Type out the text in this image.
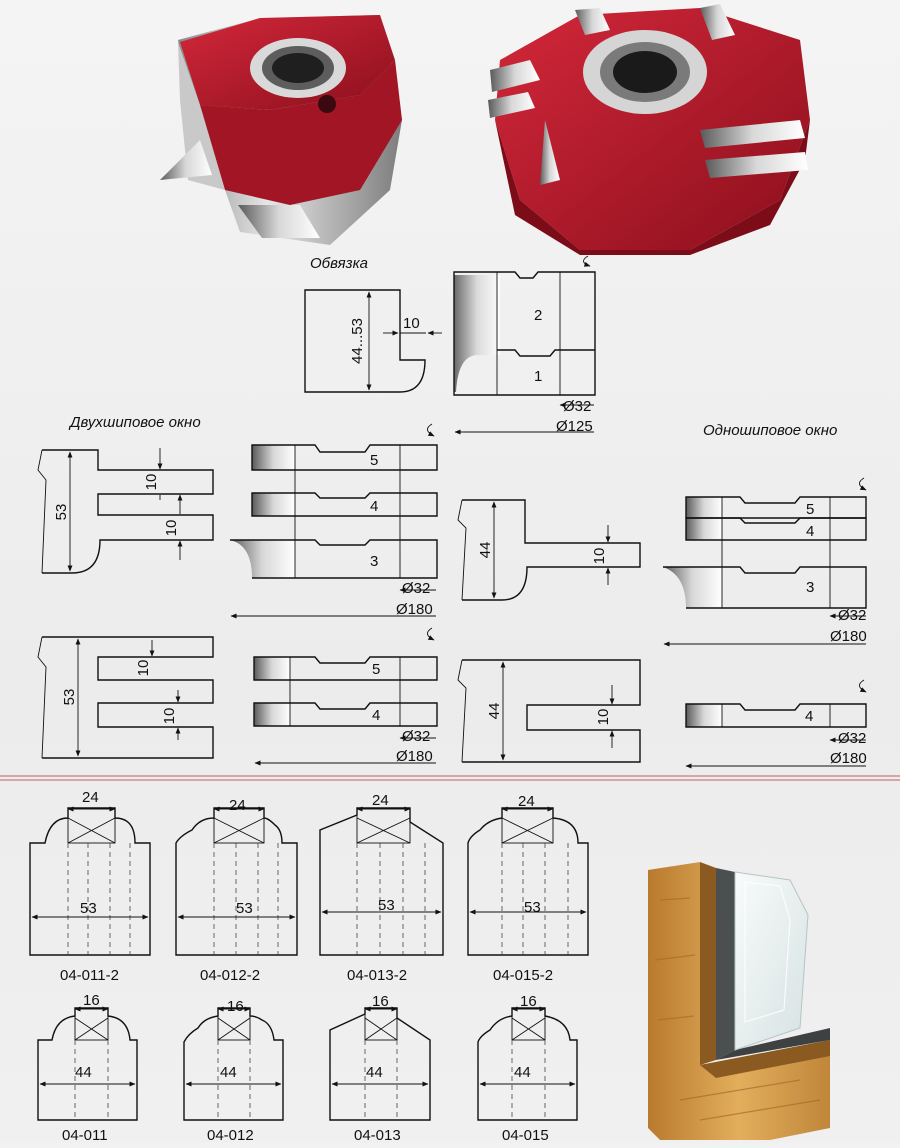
Обвязка
44...53 10	2
1
Ø32
Ø125
Двухшиповое окно
53
10
10
5
4
3
Ø32
Ø180
53
10
10
5
4
Ø32
Ø180
Одношиповое окно
44	10
5
4
3
Ø32
Ø180
44	10	4
Ø32
Ø180
24
53
04-011-2
24
53
04-012-2
24
53
04-013-2
24
53
04-015-2
16
44
04-011
16
44
04-012
16
44
04-013
16
44
04-015
